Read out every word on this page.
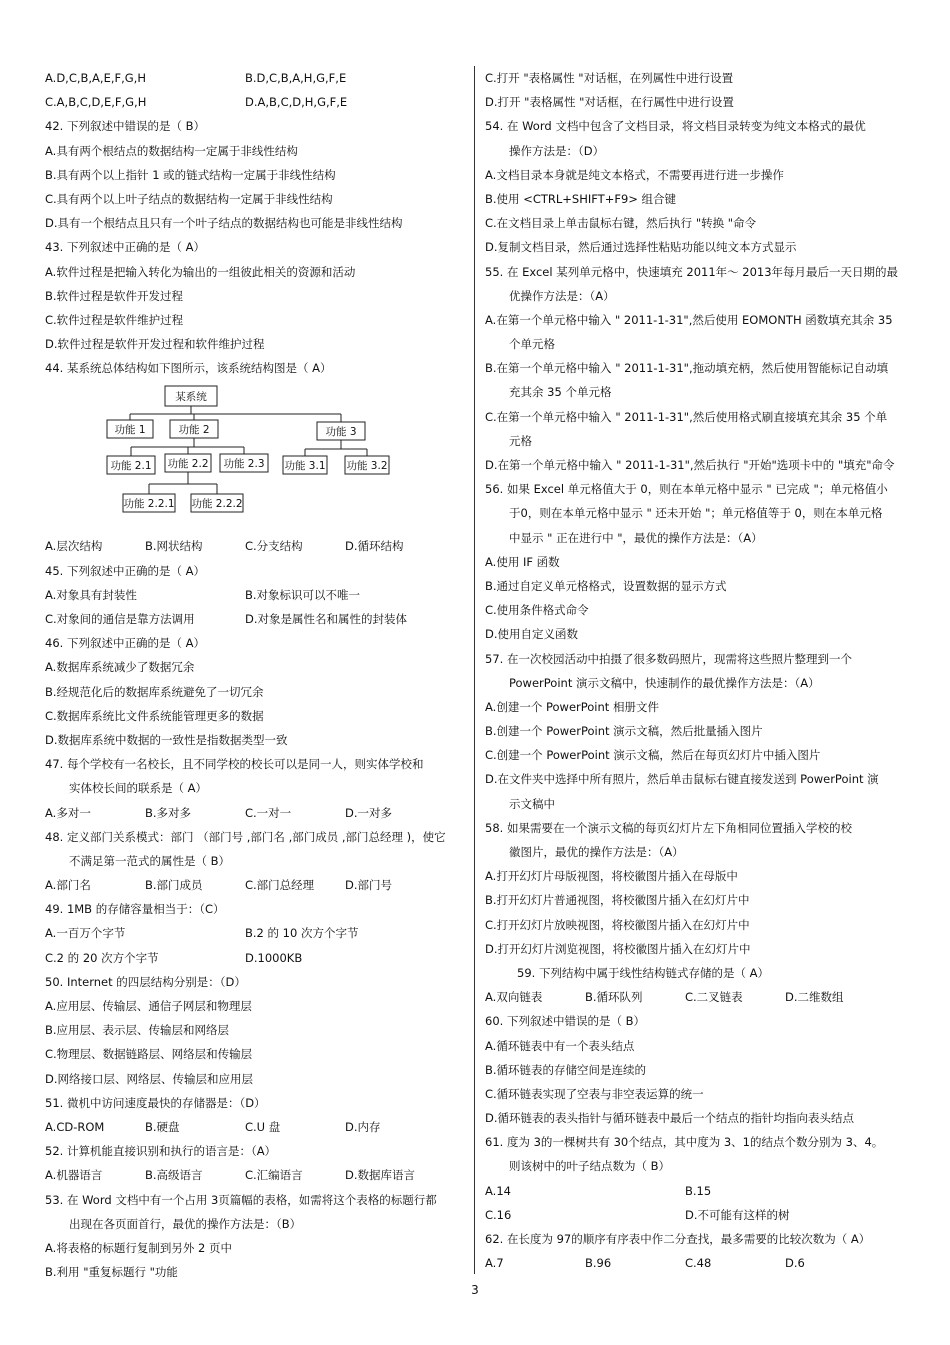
A.D,C,B,A,E,F,G,H	B.D,C,B,A,H,G,F,E
C.A,B,C,D,E,F,G,H	D.A,B,C,D,H,G,F,E
42. 下列叙述中错误的是（ B）
A.具有两个根结点的数据结构一定属于非线性结构
B.具有两个以上指针 1 或的链式结构一定属于非线性结构
C.具有两个以上叶子结点的数据结构一定属于非线性结构
D.具有一个根结点且只有一个叶子结点的数据结构也可能是非线性结构
43. 下列叙述中正确的是（ A）
A.软件过程是把输入转化为输出的一组彼此相关的资源和活动
B.软件过程是软件开发过程
C.软件过程是软件维护过程
D.软件过程是软件开发过程和软件维护过程
44. 某系统总体结构如下图所示，该系统结构图是（ A）
某系统
功能 1	功能 2	功能 3
功能 2.1 功能 2.2 功能 2.3 功能 3.1 功能 3.2
功能 2.2.1 功能 2.2.2
A.层次结构	B.网状结构	C.分支结构	D.循环结构
45. 下列叙述中正确的是（ A）
A.对象具有封装性	B.对象标识可以不唯一
C.对象间的通信是靠方法调用	D.对象是属性名和属性的封装体
46. 下列叙述中正确的是（ A）
A.数据库系统减少了数据冗余
B.经规范化后的数据库系统避免了一切冗余
C.数据库系统比文件系统能管理更多的数据
D.数据库系统中数据的一致性是指数据类型一致
47. 每个学校有一名校长，且不同学校的校长可以是同一人，则实体学校和
实体校长间的联系是（ A）
A.多对一	B.多对多	C.一对一	D.一对多
48. 定义部门关系模式：部门 （部门号 ,部门名 ,部门成员 ,部门总经理 )，使它
不满足第一范式的属性是（ B）
A.部门名	B.部门成员	C.部门总经理	D.部门号
49. 1MB 的存储容量相当于：（C）
A.一百万个字节	B.2 的 10 次方个字节
C.2 的 20 次方个字节	D.1000KB
50. Internet 的四层结构分别是：（D）
A.应用层、传输层、通信子网层和物理层
B.应用层、表示层、传输层和网络层
C.物理层、数据链路层、网络层和传输层
D.网络接口层、网络层、传输层和应用层
51. 微机中访问速度最快的存储器是：（D）
A.CD-ROM	B.硬盘	C.U 盘	D.内存
52. 计算机能直接识别和执行的语言是：（A）
A.机器语言	B.高级语言	C.汇编语言	D.数据库语言
53. 在 Word 文档中有一个占用 3页篇幅的表格，如需将这个表格的标题行都
出现在各页面首行，最优的操作方法是：（B）
A.将表格的标题行复制到另外 2 页中
B.利用 "重复标题行 "功能
C.打开 "表格属性 "对话框，在列属性中进行设置
D.打开 "表格属性 "对话框，在行属性中进行设置
54. 在 Word 文档中包含了文档目录，将文档目录转变为纯文本格式的最优
操作方法是：（D）
A.文档目录本身就是纯文本格式，不需要再进行进一步操作
B.使用 <CTRL+SHIFT+F9> 组合键
C.在文档目录上单击鼠标右键，然后执行 "转换 "命令
D.复制文档目录，然后通过选择性粘贴功能以纯文本方式显示
55. 在 Excel 某列单元格中，快速填充 2011年～ 2013年每月最后一天日期的最
优操作方法是：（A）
A.在第一个单元格中输入 " 2011-1-31",然后使用 EOMONTH 函数填充其余 35
个单元格
B.在第一个单元格中输入 " 2011-1-31",拖动填充柄，然后使用智能标记自动填
充其余 35 个单元格
C.在第一个单元格中输入 " 2011-1-31",然后使用格式刷直接填充其余 35 个单
元格
D.在第一个单元格中输入 " 2011-1-31",然后执行 "开始"选项卡中的 "填充"命令
56. 如果 Excel 单元格值大于 0，则在本单元格中显示 " 已完成 "；单元格值小
于0，则在本单元格中显示 " 还未开始 "；单元格值等于 0，则在本单元格
中显示 " 正在进行中 "，最优的操作方法是：（A）
A.使用 IF 函数
B.通过自定义单元格格式，设置数据的显示方式
C.使用条件格式命令
D.使用自定义函数
57. 在一次校园活动中拍摄了很多数码照片，现需将这些照片整理到一个
PowerPoint 演示文稿中，快速制作的最优操作方法是：（A）
A.创建一个 PowerPoint 相册文件
B.创建一个 PowerPoint 演示文稿，然后批量插入图片
C.创建一个 PowerPoint 演示文稿，然后在每页幻灯片中插入图片
D.在文件夹中选择中所有照片，然后单击鼠标右键直接发送到 PowerPoint 演
示文稿中
58. 如果需要在一个演示文稿的每页幻灯片左下角相同位置插入学校的校
徽图片，最优的操作方法是：（A）
A.打开幻灯片母版视图，将校徽图片插入在母版中
B.打开幻灯片普通视图，将校徽图片插入在幻灯片中
C.打开幻灯片放映视图，将校徽图片插入在幻灯片中
D.打开幻灯片浏览视图，将校徽图片插入在幻灯片中
59. 下列结构中属于线性结构链式存储的是（ A）
A.双向链表	B.循环队列	C.二叉链表	D.二维数组
60. 下列叙述中错误的是（ B）
A.循环链表中有一个表头结点
B.循环链表的存储空间是连续的
C.循环链表实现了空表与非空表运算的统一
D.循环链表的表头指针与循环链表中最后一个结点的指针均指向表头结点
61. 度为 3的一棵树共有 30个结点，其中度为 3、1的结点个数分别为 3、4。
则该树中的叶子结点数为（ B）
A.14	B.15
C.16	D.不可能有这样的树
62. 在长度为 97的顺序有序表中作二分查找，最多需要的比较次数为（ A）
A.7	B.96	C.48	D.6
3
